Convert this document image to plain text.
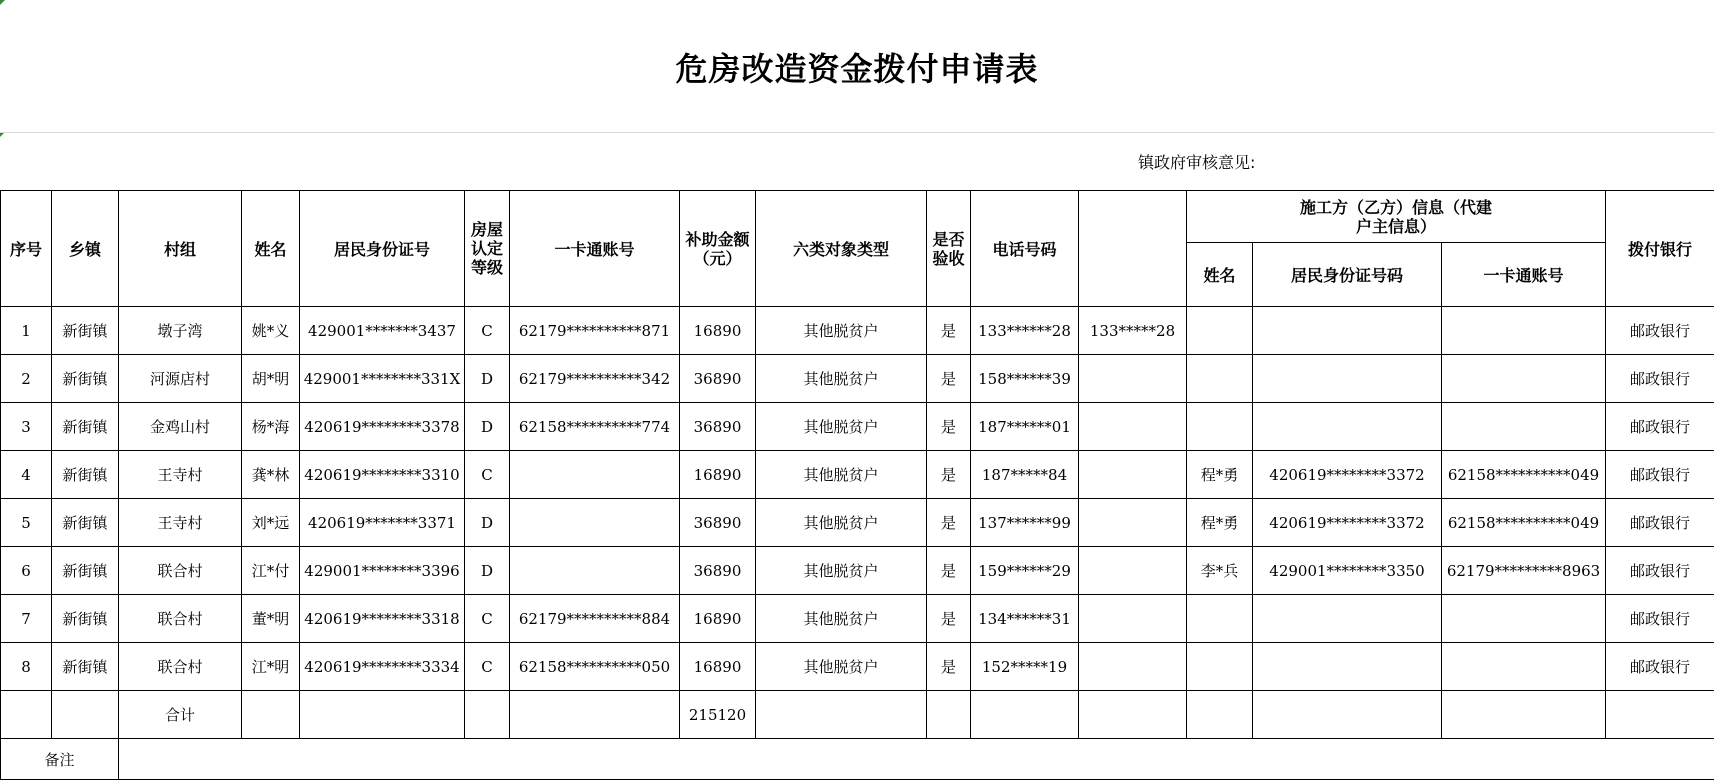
危房改造资金拨付申请表
镇政府审核意见:
序号	乡镇	村组	姓名	居民身份证号	房屋认定等级	一卡通账号	补助金额（元）	六类对象类型	是否验收	电话号码		施工方（乙方）信息（代建户主信息）			拨付银行
												姓名	居民身份证号码	一卡通账号	
1	新街镇	墩子湾	姚*义	429001*******3437	C	62179**********871	16890	其他脱贫户	是	133******28	133*****28				邮政银行
2	新街镇	河源店村	胡*明	429001********331X	D	62179**********342	36890	其他脱贫户	是	158******39					邮政银行
3	新街镇	金鸡山村	杨*海	420619********3378	D	62158**********774	36890	其他脱贫户	是	187******01					邮政银行
4	新街镇	王寺村	龚*林	420619********3310	C		16890	其他脱贫户	是	187*****84		程*勇	420619********3372	62158**********049	邮政银行
5	新街镇	王寺村	刘*远	420619*******3371	D		36890	其他脱贫户	是	137******99		程*勇	420619********3372	62158**********049	邮政银行
6	新街镇	联合村	江*付	429001********3396	D		36890	其他脱贫户	是	159******29		李*兵	429001********3350	62179*********8963	邮政银行
7	新街镇	联合村	董*明	420619********3318	C	62179**********884	16890	其他脱贫户	是	134******31					邮政银行
8	新街镇	联合村	江*明	420619********3334	C	62158**********050	16890	其他脱贫户	是	152*****19					邮政银行
		合计					215120								
备注															
